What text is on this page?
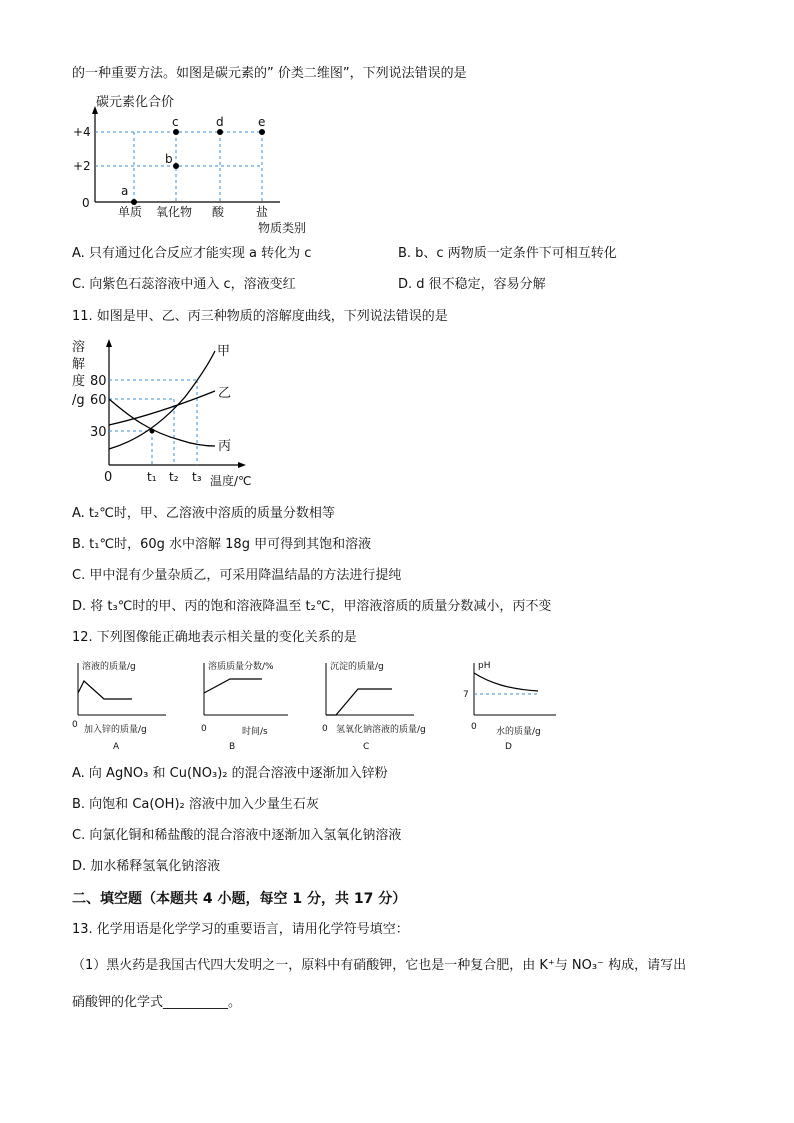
的一种重要方法。如图是碳元素的” 价类二维图”，下列说法错误的是
碳元素化合价
+4
+2
0
a
b
c	d	e
单质 氧化物 酸	盐
物质类别
A. 只有通过化合反应才能实现 a 转化为 c	B. b、c 两物质一定条件下可相互转化
C. 向紫色石蕊溶液中通入 c，溶液变红	D. d 很不稳定，容易分解
11. 如图是甲、乙、丙三种物质的溶解度曲线，下列说法错误的是
溶
解
度
/g
80
60
30
0
甲
乙
丙
t₁ t₂ t₃ 温度/℃
A. t₂℃时，甲、乙溶液中溶质的质量分数相等
B. t₁℃时，60g 水中溶解 18g 甲可得到其饱和溶液
C. 甲中混有少量杂质乙，可采用降温结晶的方法进行提纯
D. 将 t₃℃时的甲、丙的饱和溶液降温至 t₂℃，甲溶液溶质的质量分数减小，丙不变
12. 下列图像能正确地表示相关量的变化关系的是
溶液的质量/g
0 加入锌的质量/g
A
溶质质量分数/%
0	时间/s
B
沉淀的质量/g
0 氢氧化钠溶液的质量/g
C
pH
7
0 水的质量/g
D
A. 向 AgNO₃ 和 Cu(NO₃)₂ 的混合溶液中逐渐加入锌粉
B. 向饱和 Ca(OH)₂ 溶液中加入少量生石灰
C. 向氯化铜和稀盐酸的混合溶液中逐渐加入氢氧化钠溶液
D. 加水稀释氢氧化钠溶液
二、填空题（本题共 4 小题，每空 1 分，共 17 分）
13. 化学用语是化学学习的重要语言，请用化学符号填空：
（1）黑火药是我国古代四大发明之一，原料中有硝酸钾，它也是一种复合肥，由 K⁺与 NO₃⁻ 构成，请写出
硝酸钾的化学式__________。
